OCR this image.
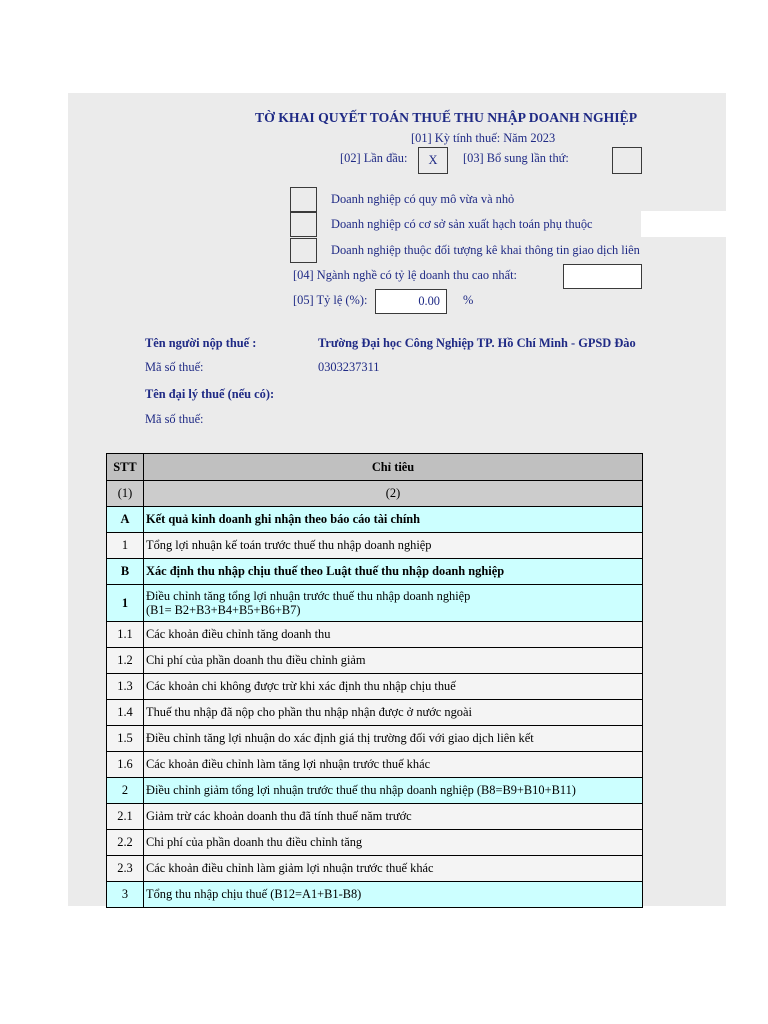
TỜ KHAI QUYẾT TOÁN THUẾ THU NHẬP DOANH NGHIỆP
[01] Kỳ tính thuế: Năm 2023
[02] Lần đầu:	X	[03] Bổ sung lần thứ:
Doanh nghiệp có quy mô vừa và nhỏ
Doanh nghiệp có cơ sở sản xuất hạch toán phụ thuộc
Doanh nghiệp thuộc đối tượng kê khai thông tin giao dịch liên
[04] Ngành nghề có tỷ lệ doanh thu cao nhất:
[05] Tỷ lệ (%):	0.00	%
Tên người nộp thuế :	Trường Đại học Công Nghiệp TP. Hồ Chí Minh - GPSD Đào
Mã số thuế:	0303237311
Tên đại lý thuế (nếu có):
Mã số thuế:
STT	Chỉ tiêu
(1)	(2)
A	Kết quả kinh doanh ghi nhận theo báo cáo tài chính
1	Tổng lợi nhuận kế toán trước thuế thu nhập doanh nghiệp
B	Xác định thu nhập chịu thuế theo Luật thuế thu nhập doanh nghiệp
1	Điều chỉnh tăng tổng lợi nhuận trước thuế thu nhập doanh nghiệp
(B1= B2+B3+B4+B5+B6+B7)
1.1	Các khoản điều chỉnh tăng doanh thu
1.2	Chi phí của phần doanh thu điều chỉnh giảm
1.3	Các khoản chi không được trừ khi xác định thu nhập chịu thuế
1.4	Thuế thu nhập đã nộp cho phần thu nhập nhận được ở nước ngoài
1.5	Điều chỉnh tăng lợi nhuận do xác định giá thị trường đối với giao dịch liên kết
1.6	Các khoản điều chỉnh làm tăng lợi nhuận trước thuế khác
2	Điều chỉnh giảm tổng lợi nhuận trước thuế thu nhập doanh nghiệp (B8=B9+B10+B11)
2.1	Giảm trừ các khoản doanh thu đã tính thuế năm trước
2.2	Chi phí của phần doanh thu điều chỉnh tăng
2.3	Các khoản điều chỉnh làm giảm lợi nhuận trước thuế khác
3	Tổng thu nhập chịu thuế (B12=A1+B1-B8)
